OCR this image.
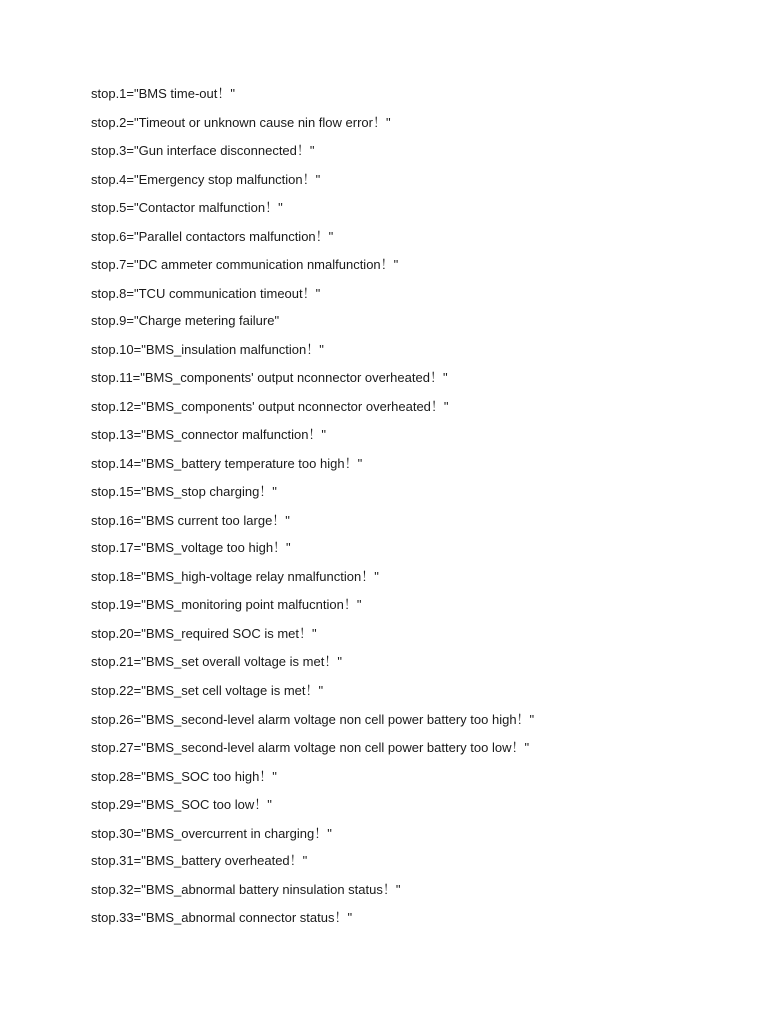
stop.1="BMS time-out！"
stop.2="Timeout or unknown cause nin flow error！"
stop.3="Gun interface disconnected！"
stop.4="Emergency stop malfunction！"
stop.5="Contactor malfunction！"
stop.6="Parallel contactors malfunction！"
stop.7="DC ammeter communication nmalfunction！"
stop.8="TCU communication timeout！"
stop.9="Charge metering failure"
stop.10="BMS_insulation malfunction！"
stop.11="BMS_components' output nconnector overheated！"
stop.12="BMS_components' output nconnector overheated！"
stop.13="BMS_connector malfunction！"
stop.14="BMS_battery temperature too high！"
stop.15="BMS_stop charging！"
stop.16="BMS current too large！"
stop.17="BMS_voltage too high！"
stop.18="BMS_high-voltage relay nmalfunction！"
stop.19="BMS_monitoring point malfucntion！"
stop.20="BMS_required SOC is met！"
stop.21="BMS_set overall voltage is met！"
stop.22="BMS_set cell voltage is met！"
stop.26="BMS_second-level alarm voltage non cell power battery too high！"
stop.27="BMS_second-level alarm voltage non cell power battery too low！"
stop.28="BMS_SOC too high！"
stop.29="BMS_SOC too low！"
stop.30="BMS_overcurrent in charging！"
stop.31="BMS_battery overheated！"
stop.32="BMS_abnormal battery ninsulation status！"
stop.33="BMS_abnormal connector status！"
